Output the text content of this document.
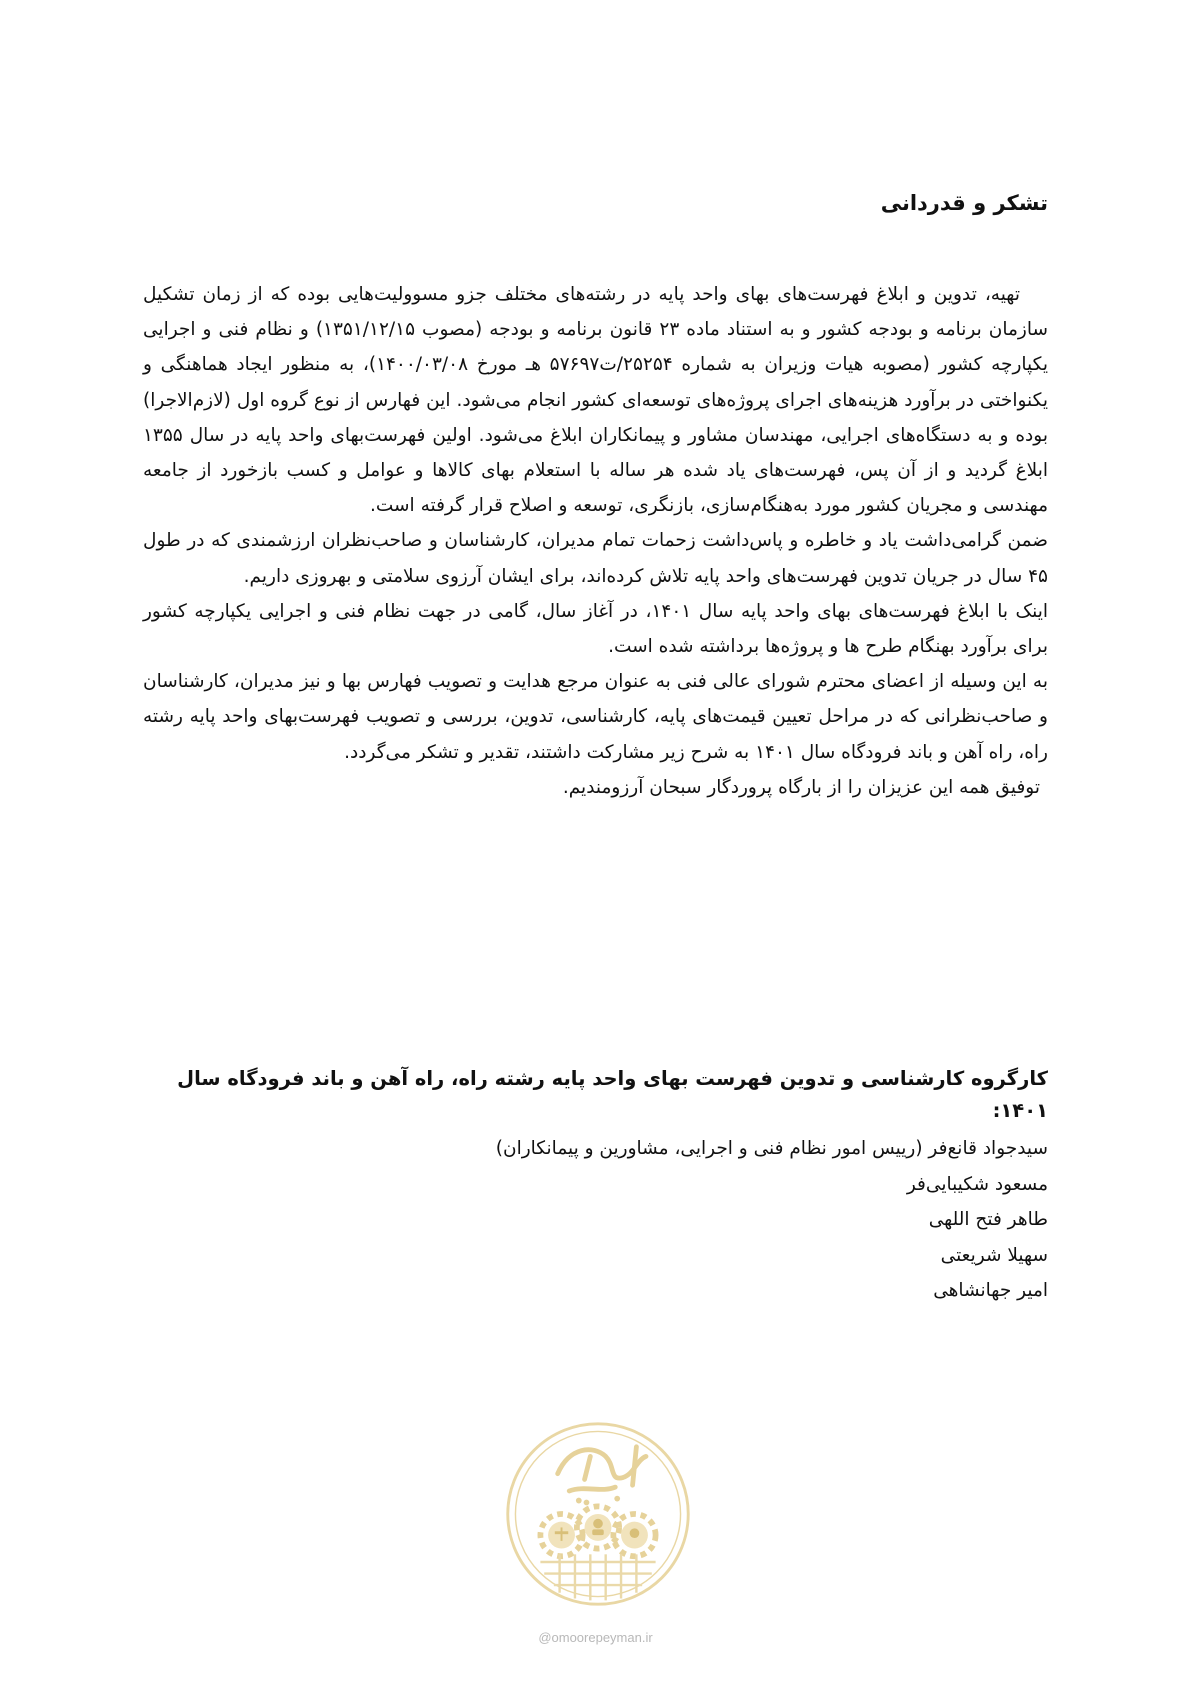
تشکر و قدردانی

تهیه، تدوین و ابلاغ فهرست‌های بهای واحد پایه در رشته‌های مختلف جزو مسوولیت‌هایی بوده که از زمان تشکیل سازمان برنامه و بودجه کشور و به استناد ماده ۲۳ قانون برنامه و بودجه (مصوب ۱۳۵۱/۱۲/۱۵) و نظام فنی و اجرایی یکپارچه کشور (مصوبه هیات وزیران به شماره ۲۵۲۵۴/ت۵۷۶۹۷ هـ مورخ ۱۴۰۰/۰۳/۰۸)، به منظور ایجاد هماهنگی و یکنواختی در برآورد هزینه‌های اجرای پروژه‌های توسعه‌ای کشور انجام می‌شود. این فهارس از نوع گروه اول (لازم‌الاجرا) بوده و به دستگاه‌های اجرایی، مهندسان مشاور و پیمانکاران ابلاغ می‌شود. اولین فهرست‌بهای واحد پایه در سال ۱۳۵۵ ابلاغ گردید و از آن پس، فهرست‌های یاد شده هر ساله با استعلام بهای کالاها و عوامل و کسب بازخورد از جامعه مهندسی و مجریان کشور مورد به‌هنگام‌سازی، بازنگری، توسعه و اصلاح قرار گرفته است.

ضمن گرامی‌داشت یاد و خاطره و پاس‌داشت زحمات تمام مدیران، کارشناسان و صاحب‌نظران ارزشمندی که در طول ۴۵ سال در جریان تدوین فهرست‌های واحد پایه تلاش کرده‌اند، برای ایشان آرزوی سلامتی و بهروزی داریم.

اینک با ابلاغ فهرست‌های بهای واحد پایه سال ۱۴۰۱، در آغاز سال، گامی در جهت نظام فنی و اجرایی یکپارچه کشور برای برآورد بهنگام طرح ها و پروژه‌ها برداشته شده است.

به این وسیله از اعضای محترم شورای عالی فنی به عنوان مرجع هدایت و تصویب فهارس بها و نیز مدیران، کارشناسان و صاحب‌نظرانی که در مراحل تعیین قیمت‌های پایه، کارشناسی، تدوین، بررسی و تصویب فهرست‌بهای واحد پایه رشته راه، راه آهن و باند فرودگاه سال ۱۴۰۱ به شرح زیر مشارکت داشتند، تقدیر و تشکر می‌گردد.

توفیق همه این عزیزان را از بارگاه پروردگار سبحان آرزومندیم.

کارگروه کارشناسی و تدوین فهرست بهای واحد پایه رشته راه، راه آهن و باند فرودگاه سال ۱۴۰۱:

سیدجواد قانع‌فر (ریيس امور نظام فنی و اجرایی، مشاورین و پیمانکاران)

مسعود شکیبایی‌فر

طاهر فتح اللهی

سهیلا شریعتی

امیر جهانشاهی

@omoorepeyman.ir
